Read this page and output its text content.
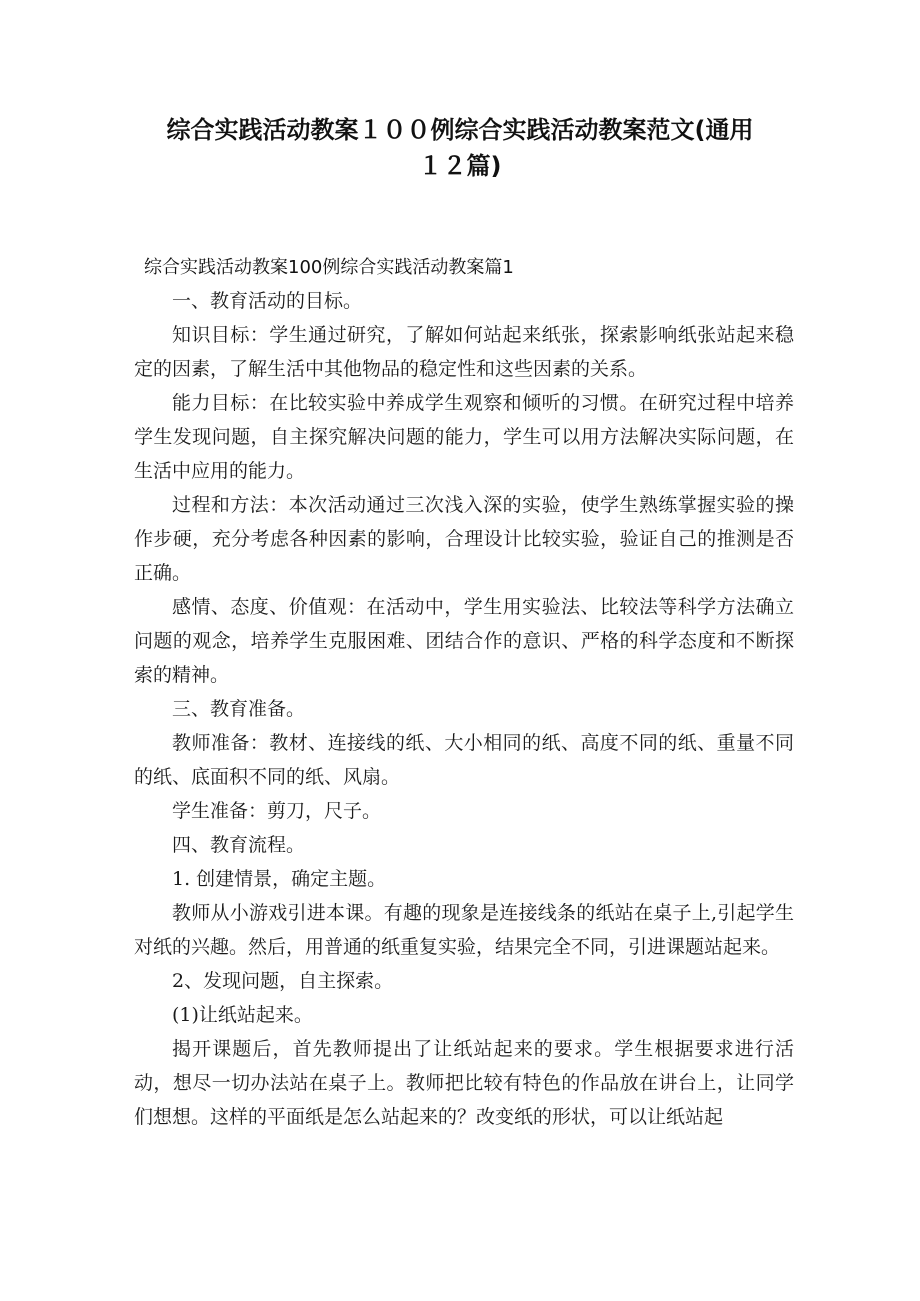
综合实践活动教案１００例综合实践活动教案范文(通用
１２篇)

综合实践活动教案100例综合实践活动教案篇1

一、教育活动的目标。

知识目标：学生通过研究，了解如何站起来纸张，探索影响纸张站起来稳定的因素，了解生活中其他物品的稳定性和这些因素的关系。

能力目标：在比较实验中养成学生观察和倾听的习惯。在研究过程中培养学生发现问题，自主探究解决问题的能力，学生可以用方法解决实际问题，在生活中应用的能力。

过程和方法：本次活动通过三次浅入深的实验，使学生熟练掌握实验的操作步硬，充分考虑各种因素的影响，合理设计比较实验，验证自己的推测是否正确。

感情、态度、价值观：在活动中，学生用实验法、比较法等科学方法确立问题的观念，培养学生克服困难、团结合作的意识、严格的科学态度和不断探索的精神。

三、教育准备。

教师准备：教材、连接线的纸、大小相同的纸、高度不同的纸、重量不同的纸、底面积不同的纸、风扇。

学生准备：剪刀，尺子。

四、教育流程。

1. 创建情景，确定主题。

教师从小游戏引进本课。有趣的现象是连接线条的纸站在桌子上,引起学生对纸的兴趣。然后，用普通的纸重复实验，结果完全不同，引进课题站起来。

2、发现问题，自主探索。

(1)让纸站起来。

揭开课题后，首先教师提出了让纸站起来的要求。学生根据要求进行活动，想尽一切办法站在桌子上。教师把比较有特色的作品放在讲台上，让同学们想想。这样的平面纸是怎么站起来的？改变纸的形状，可以让纸站起
